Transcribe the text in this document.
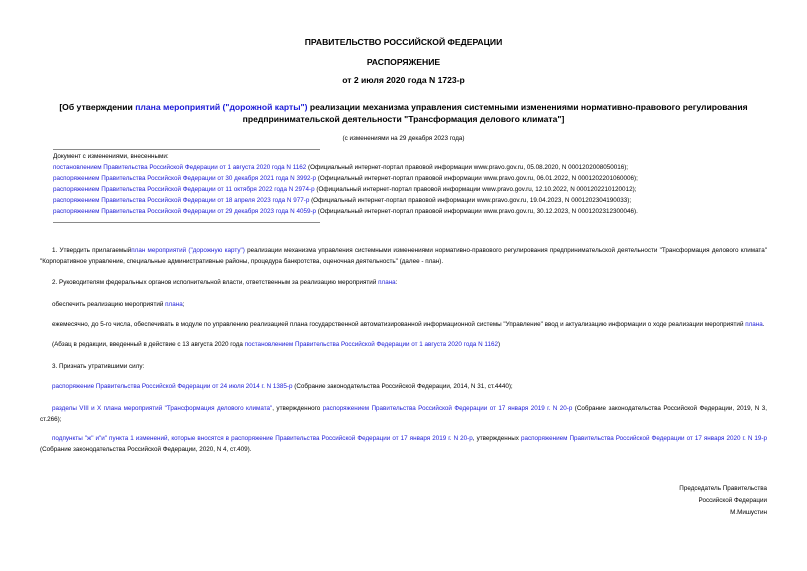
ПРАВИТЕЛЬСТВО РОССИЙСКОЙ ФЕДЕРАЦИИ
РАСПОРЯЖЕНИЕ
от 2 июля 2020 года N 1723-р
[Об утверждении плана мероприятий ("дорожной карты") реализации механизма управления системными изменениями нормативно-правового регулирования
предпринимательской деятельности "Трансформация делового климата"]
(с изменениями на 29 декабря 2023 года)
Документ с изменениями, внесенными:
постановлением Правительства Российской Федерации от 1 августа 2020 года N 1162 (Официальный интернет-портал правовой информации www.pravo.gov.ru, 05.08.2020, N 0001202008050016);
распоряжением Правительства Российской Федерации от 30 декабря 2021 года N 3992-р (Официальный интернет-портал правовой информации www.pravo.gov.ru, 06.01.2022, N 0001202201060006);
распоряжением Правительства Российской Федерации от 11 октября 2022 года N 2974-р (Официальный интернет-портал правовой информации www.pravo.gov.ru, 12.10.2022, N 0001202210120012);
распоряжением Правительства Российской Федерации от 18 апреля 2023 года N 977-р (Официальный интернет-портал правовой информации www.pravo.gov.ru, 19.04.2023, N 0001202304190033);
распоряжением Правительства Российской Федерации от 29 декабря 2023 года N 4059-р (Официальный интернет-портал правовой информации www.pravo.gov.ru, 30.12.2023, N 0001202312300046).
1. Утвердить прилагаемыйплан мероприятий ("дорожную карту") реализации механизма управления системными изменениями нормативно-правового регулирования предпринимательской деятельности "Трансформация делового климата" "Корпоративное управление, специальные административные районы, процедура банкротства, оценочная деятельность" (далее - план).
2. Руководителям федеральных органов исполнительной власти, ответственным за реализацию мероприятий плана:
обеспечить реализацию мероприятий плана;
ежемесячно, до 5-го числа, обеспечивать в модуле по управлению реализацией плана государственной автоматизированной информационной системы "Управление" ввод и актуализацию информации о ходе реализации мероприятий плана.
(Абзац в редакции, введенный в действие с 13 августа 2020 года постановлением Правительства Российской Федерации от 1 августа 2020 года N 1162)
3. Признать утратившими силу:
распоряжение Правительства Российской Федерации от 24 июля 2014 г. N 1385-р (Собрание законодательства Российской Федерации, 2014, N 31, ст.4440);
разделы VIII и X плана мероприятий "Трансформация делового климата", утвержденного распоряжением Правительства Российской Федерации от 17 января 2019 г. N 20-р (Собрание законодательства Российской Федерации, 2019, N 3, ст.266);
подпункты "ж" и"и" пункта 1 изменений, которые вносятся в распоряжение Правительства Российской Федерации от 17 января 2019 г. N 20-р, утвержденных распоряжением Правительства Российской Федерации от 17 января 2020 г. N 19-р (Собрание законодательства Российской Федерации, 2020, N 4, ст.409).
Председатель Правительства
Российской Федерации
М.Мишустин
